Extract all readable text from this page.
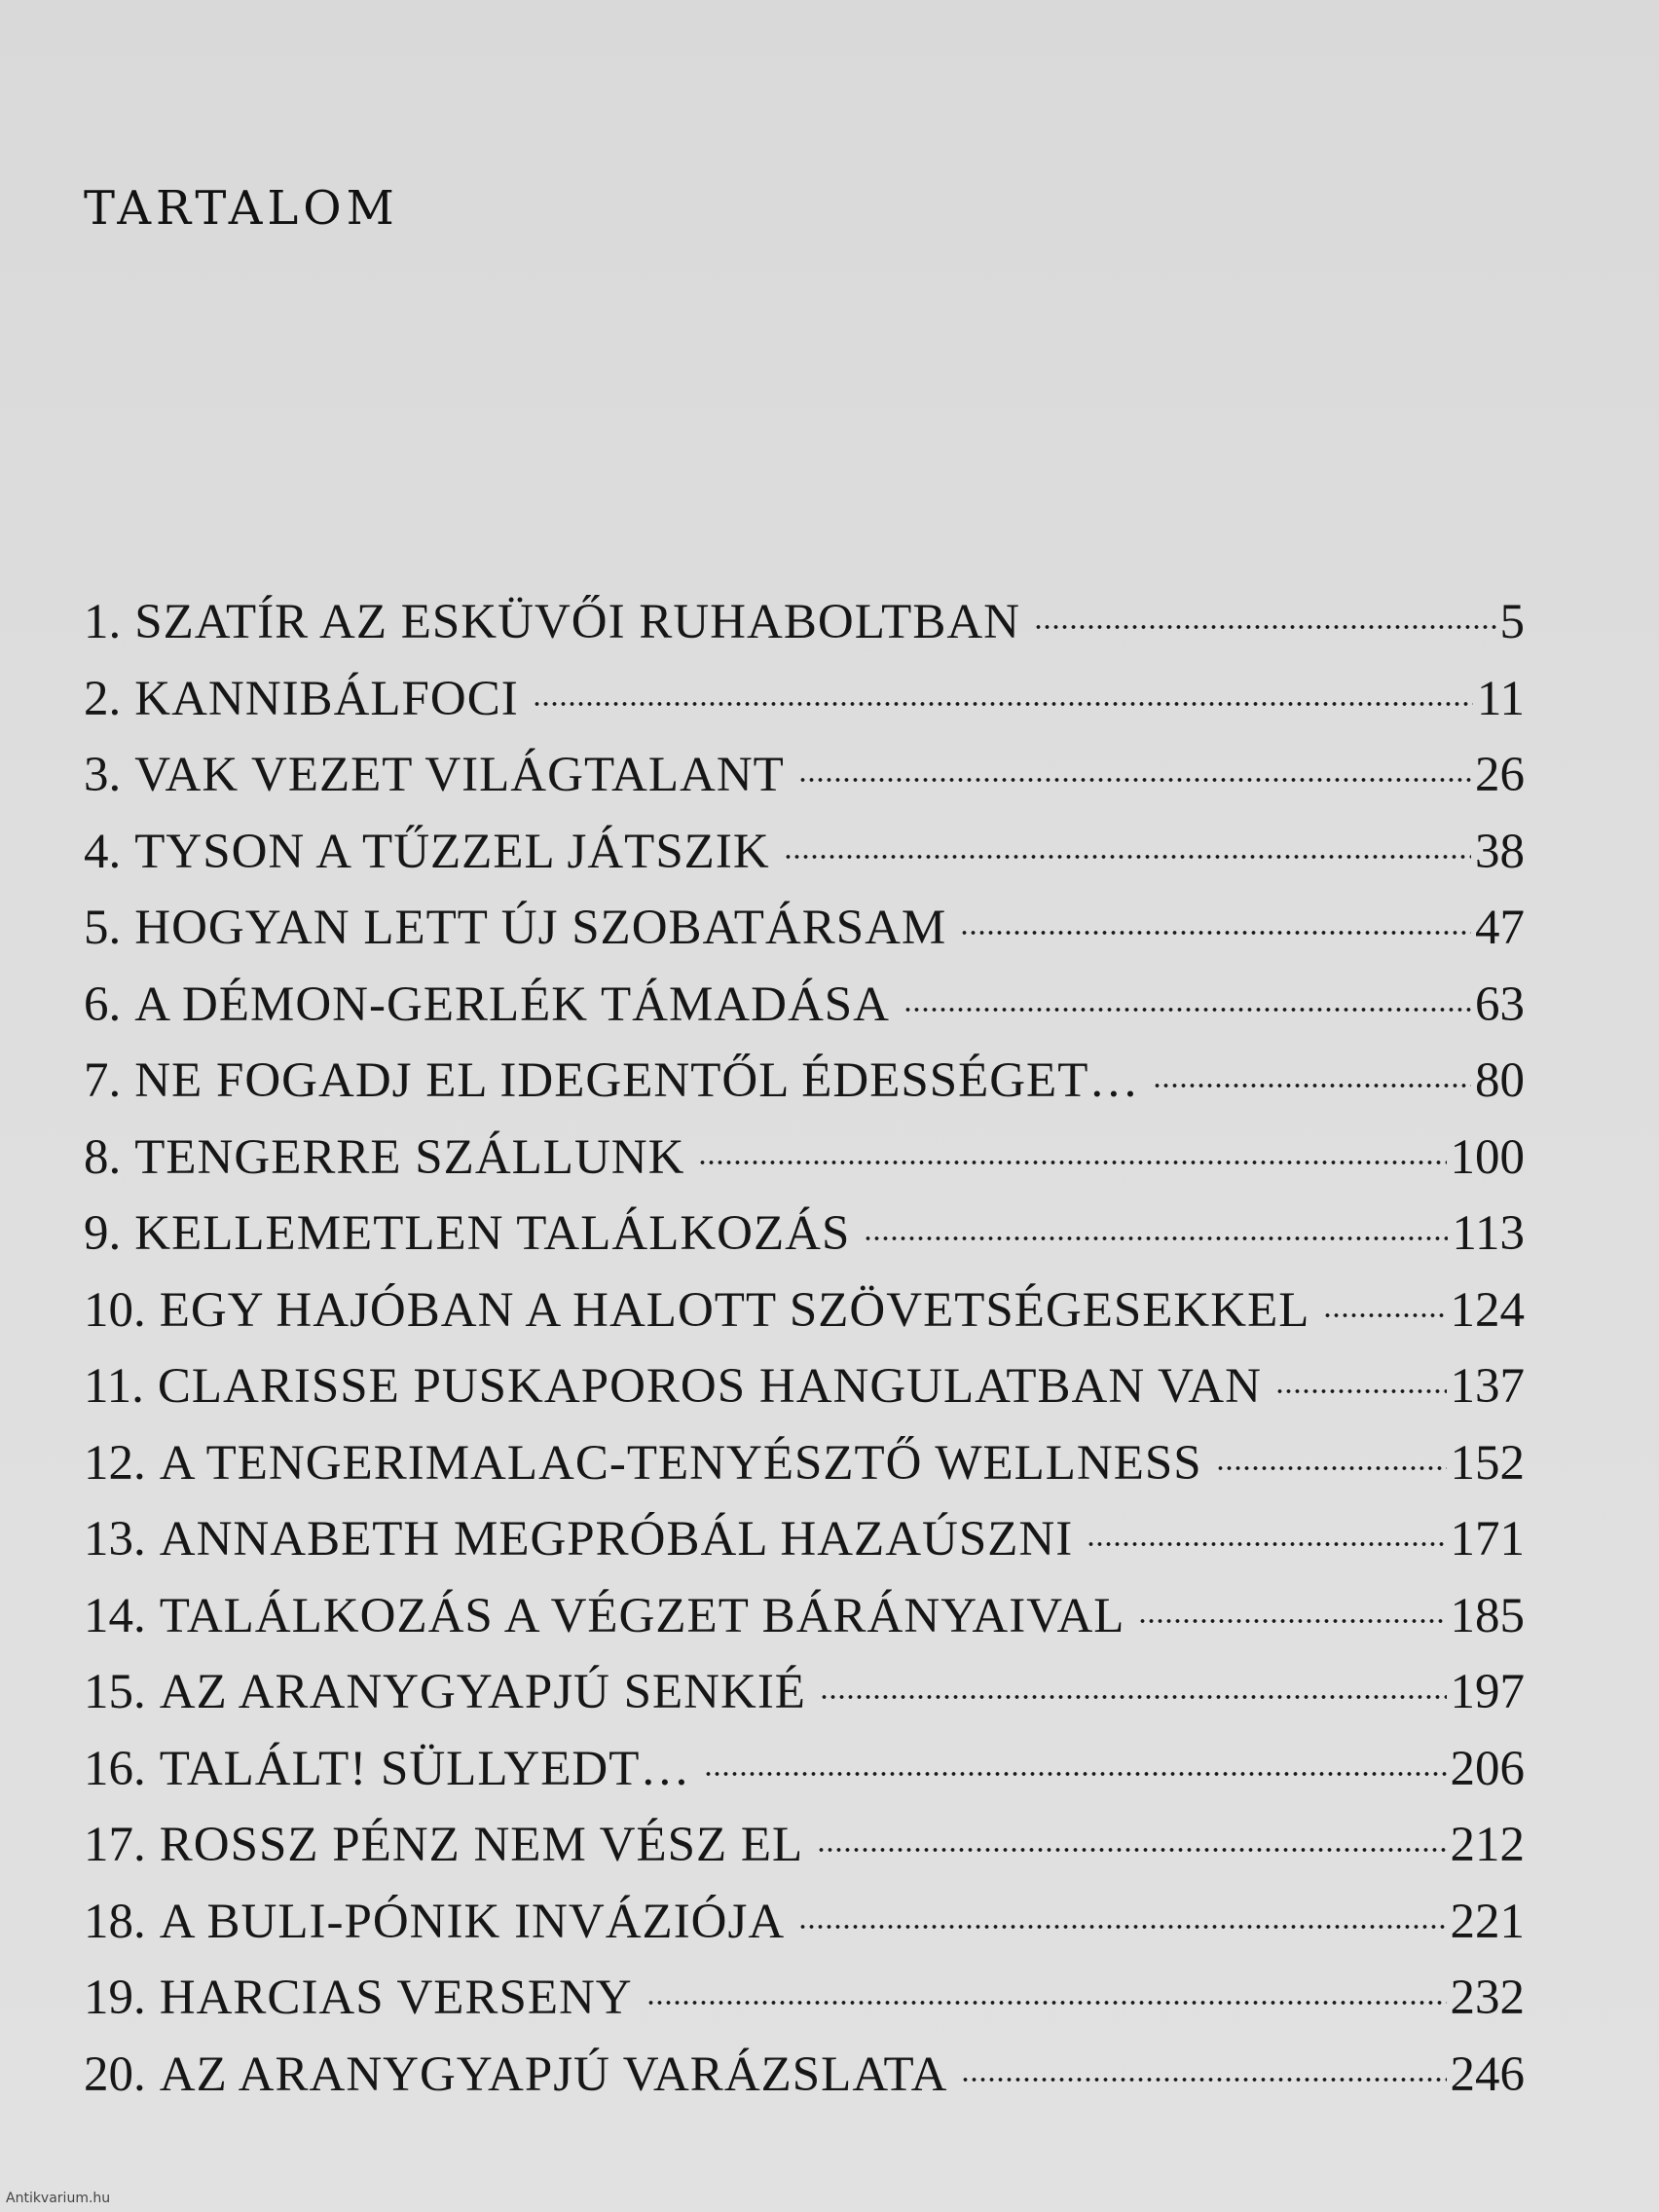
TARTALOM
1. SZATÍR AZ ESKÜVŐI RUHABOLTBAN	5
2. KANNIBÁLFOCI	11
3. VAK VEZET VILÁGTALANT	26
4. TYSON A TŰZZEL JÁTSZIK	38
5. HOGYAN LETT ÚJ SZOBATÁRSAM	47
6. A DÉMON-GERLÉK TÁMADÁSA	63
7. NE FOGADJ EL IDEGENTŐL ÉDESSÉGET…	80
8. TENGERRE SZÁLLUNK	100
9. KELLEMETLEN TALÁLKOZÁS	113
10. EGY HAJÓBAN A HALOTT SZÖVETSÉGESEKKEL	124
11. CLARISSE PUSKAPOROS HANGULATBAN VAN	137
12. A TENGERIMALAC-TENYÉSZTŐ WELLNESS	152
13. ANNABETH MEGPRÓBÁL HAZAÚSZNI	171
14. TALÁLKOZÁS A VÉGZET BÁRÁNYAIVAL	185
15. AZ ARANYGYAPJÚ SENKIÉ	197
16. TALÁLT! SÜLLYEDT…	206
17. ROSSZ PÉNZ NEM VÉSZ EL	212
18. A BULI-PÓNIK INVÁZIÓJA	221
19. HARCIAS VERSENY	232
20. AZ ARANYGYAPJÚ VARÁZSLATA	246
Antikvarium.hu
